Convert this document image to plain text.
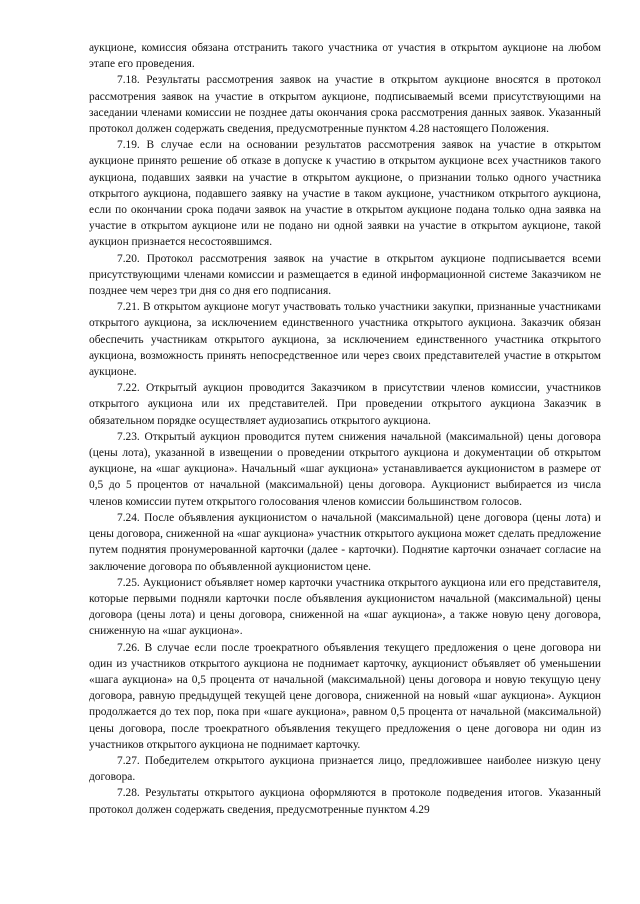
аукционе, комиссия обязана отстранить такого участника от участия в открытом аукционе на любом этапе его проведения.

7.18. Результаты рассмотрения заявок на участие в открытом аукционе вносятся в протокол рассмотрения заявок на участие в открытом аукционе, подписываемый всеми присутствующими на заседании членами комиссии не позднее даты окончания срока рассмотрения данных заявок. Указанный протокол должен содержать сведения, предусмотренные пунктом 4.28 настоящего Положения.

7.19. В случае если на основании результатов рассмотрения заявок на участие в открытом аукционе принято решение об отказе в допуске к участию в открытом аукционе всех участников такого аукциона, подавших заявки на участие в открытом аукционе, о признании только одного участника открытого аукциона, подавшего заявку на участие в таком аукционе, участником открытого аукциона, если по окончании срока подачи заявок на участие в открытом аукционе подана только одна заявка на участие в открытом аукционе или не подано ни одной заявки на участие в открытом аукционе, такой аукцион признается несостоявшимся.

7.20. Протокол рассмотрения заявок на участие в открытом аукционе подписывается всеми присутствующими членами комиссии и размещается в единой информационной системе Заказчиком не позднее чем через три дня со дня его подписания.

7.21. В открытом аукционе могут участвовать только участники закупки, признанные участниками открытого аукциона, за исключением единственного участника открытого аукциона. Заказчик обязан обеспечить участникам открытого аукциона, за исключением единственного участника открытого аукциона, возможность принять непосредственное или через своих представителей участие в открытом аукционе.

7.22. Открытый аукцион проводится Заказчиком в присутствии членов комиссии, участников открытого аукциона или их представителей. При проведении открытого аукциона Заказчик в обязательном порядке осуществляет аудиозапись открытого аукциона.

7.23. Открытый аукцион проводится путем снижения начальной (максимальной) цены договора (цены лота), указанной в извещении о проведении открытого аукциона и документации об открытом аукционе, на «шаг аукциона». Начальный «шаг аукциона» устанавливается аукционистом в размере от 0,5 до 5 процентов от начальной (максимальной) цены договора. Аукционист выбирается из числа членов комиссии путем открытого голосования членов комиссии большинством голосов.

7.24. После объявления аукционистом о начальной (максимальной) цене договора (цены лота) и цены договора, сниженной на «шаг аукциона» участник открытого аукциона может сделать предложение путем поднятия пронумерованной карточки (далее - карточки). Поднятие карточки означает согласие на заключение договора по объявленной аукционистом цене.

7.25. Аукционист объявляет номер карточки участника открытого аукциона или его представителя, которые первыми подняли карточки после объявления аукционистом начальной (максимальной) цены договора (цены лота) и цены договора, сниженной на «шаг аукциона», а также новую цену договора, сниженную на «шаг аукциона».

7.26. В случае если после троекратного объявления текущего предложения о цене договора ни один из участников открытого аукциона не поднимает карточку, аукционист объявляет об уменьшении «шага аукциона» на 0,5 процента от начальной (максимальной) цены договора и новую текущую цену договора, равную предыдущей текущей цене договора, сниженной на новый «шаг аукциона». Аукцион продолжается до тех пор, пока при «шаге аукциона», равном 0,5 процента от начальной (максимальной) цены договора, после троекратного объявления текущего предложения о цене договора ни один из участников открытого аукциона не поднимает карточку.

7.27. Победителем открытого аукциона признается лицо, предложившее наиболее низкую цену договора.

7.28. Результаты открытого аукциона оформляются в протоколе подведения итогов. Указанный протокол должен содержать сведения, предусмотренные пунктом 4.29
